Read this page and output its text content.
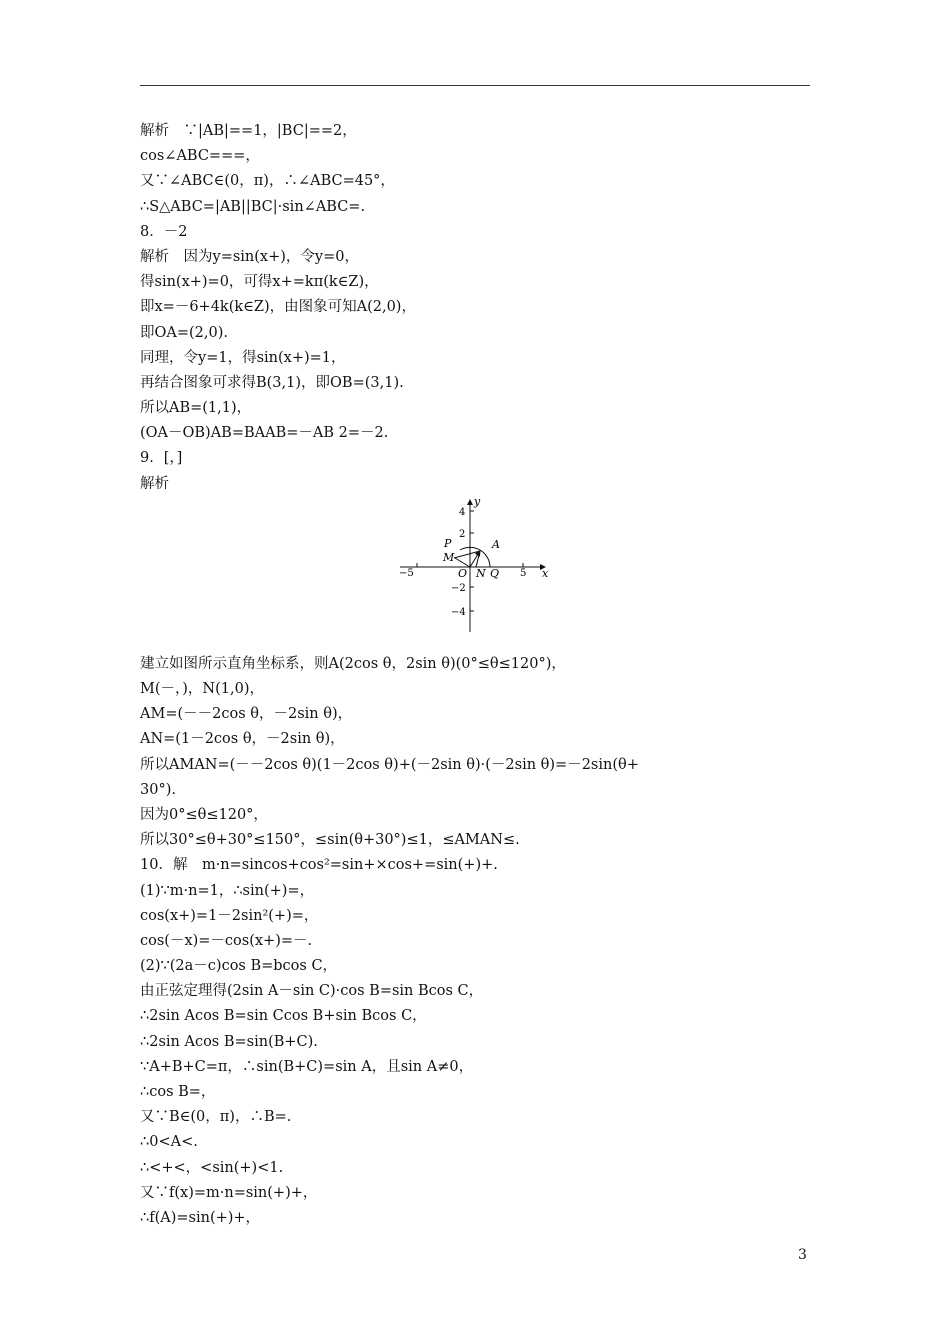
解析　∵|AB|==1，|BC|==2，
cos∠ABC===，
又∵∠ABC∈(0，π)，∴∠ABC=45°，
∴S△ABC=|AB||BC|·sin∠ABC=.
8．－2
解析　因为y=sin(x+)，令y=0，
得sin(x+)=0，可得x+=kπ(k∈Z)，
即x=－6+4k(k∈Z)，由图象可知A(2,0)，
即OA=(2,0).
同理，令y=1，得sin(x+)=1，
再结合图象可求得B(3,1)，即OB=(3,1).
所以AB=(1,1)，
(OA－OB)AB=BAAB=－AB 2=－2.
9．[，]
解析

y
x
4
2
−2
−4
−5	5
O
P	A
M
N Q

建立如图所示直角坐标系，则A(2cos θ，2sin θ)(0°≤θ≤120°)，
M(－，)，N(1,0)，
AM=(－－2cos θ，－2sin θ)，
AN=(1－2cos θ，－2sin θ)，
所以AMAN=(－－2cos θ)(1－2cos θ)+(－2sin θ)·(－2sin θ)=－2sin(θ+
30°).
因为0°≤θ≤120°，
所以30°≤θ+30°≤150°，≤sin(θ+30°)≤1，≤AMAN≤.
10．解　m·n=sincos+cos²=sin+×cos+=sin(+)+.
(1)∵m·n=1，∴sin(+)=，
cos(x+)=1－2sin²(+)=，
cos(－x)=－cos(x+)=－.
(2)∵(2a－c)cos B=bcos C，
由正弦定理得(2sin A－sin C)·cos B=sin Bcos C，
∴2sin Acos B=sin Ccos B+sin Bcos C，
∴2sin Acos B=sin(B+C).
∵A+B+C=π，∴sin(B+C)=sin A，且sin A≠0，
∴cos B=，
又∵B∈(0，π)，∴B=.
∴0<A<.
∴<+<，<sin(+)<1.
又∵f(x)=m·n=sin(+)+，
∴f(A)=sin(+)+，
3
